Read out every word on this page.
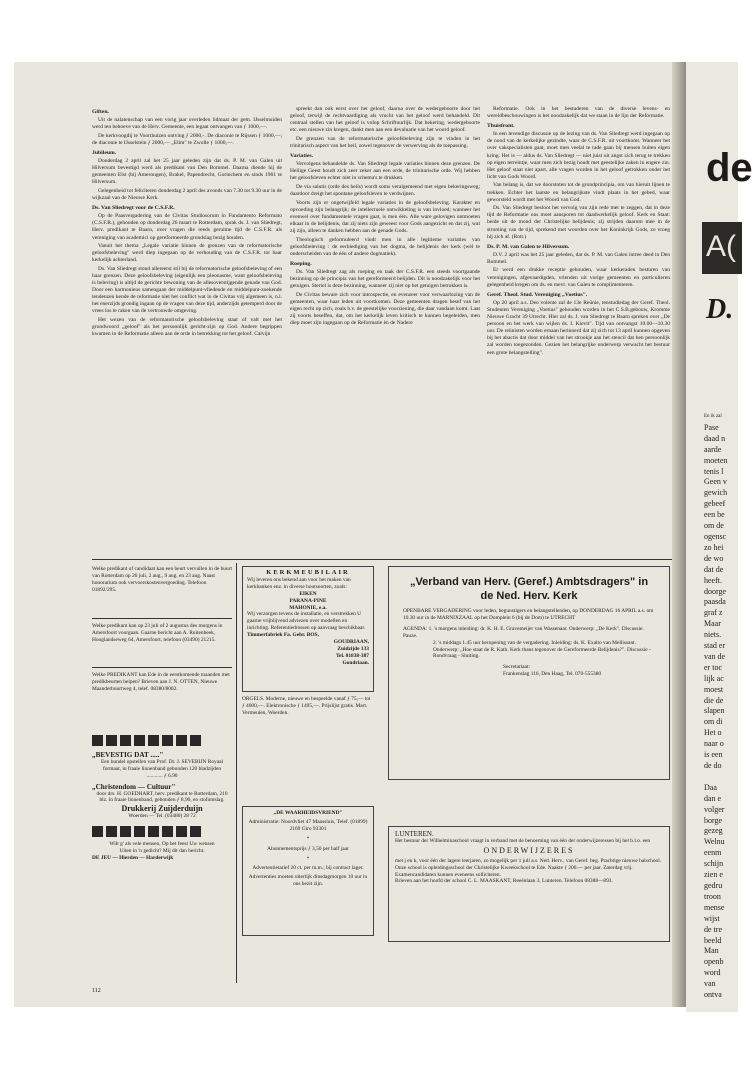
Giften.

Uit de nalatenschap van een vorig jaar overleden lidmaat der gem. IJsselmuiden werd ten behoeve van de Herv. Gemeente, een legaat ontvangen van ƒ 1000,—.

De kerkvoogdij te Voorthuizen ontving ƒ 2000,-. De diaconie te Rijssen ƒ 1000,—; de diaconie te IJsselstein ƒ 2000,— „Elim" te Zwolle ƒ 1000,—.

Jubileum.

Donderdag 2 april zal het 25 jaar geleden zijn dat ds. P. M. van Galen uit Hilversum bevestigd werd als predikant van Den Bommel. Daarna diende hij de gemeenten Elst (bij Amerongen), Brakel, Papendrecht, Gorinchem en sinds 1961 te Hilversum.

Gelegenheid tot feliciteren donderdag 2 april des avonds van 7.30 tot 9.30 uur in de wijkzaal van de Nieuwe Kerk.

Ds. Van Sliedregt voor de C.S.F.R.

Op de Paasvergadering van de Civitas Studiosorum in Fundamento Reformato (C.S.F.R.), gehouden op donderdag 26 maart te Rotterdam, sprak ds. J. van Sliedregt, Herv. predikant te Baarn, over vragen die reeds geruime tijd de C.S.F.R. als vereniging van academici op gereformeerde grondslag bezig houden.

Vanuit het thema „Legale variatie binnen de grenzen van de reformatorische geloofsbeleving" werd diep ingegaan op de verhouding van de C.S.F.R. tot haar kerkelijk achterland.

Ds. Van Sliedregt stond allereerst stil bij de reformatorische geloofsbeleving of een haar grenzen. Deze geloofsbeleving (eigenlijk een pleonasme, want geloofsbeleving is beleving) is altijd de gerichte bewoning van de allesoverstijgende genade van God. Door een harmonieus samengaan der middelpunt-vliedende en middelpunt-zoekende tendenzen kende de reformatie niet het conflict wat in de Civitas vrij algemeen is, n.l. het enerzijds grondig ingaan op de vragen van deze tijd, anderzijds getemperd door de vrees los te raken van de vertrouwde omgeving.

Het wezen van de reformatorische geloofsbeleving staat of valt met het grondwoord „geloof" als het persoonlijk gericht-zijn op God. Andere begrippen kwamen in de Reformatie alleen aan de orde in betrekking tot het geloof. Calvijn

spreekt dan ook eerst over het geloof, daarna over de wedergeboorte door het geloof, terwijl de rechtvaardiging als vrucht van het geloof werd behandeld. Dit centraal stellen van het geloof is volop Schriftuurlijk. Dat bekering, wedergeboorte etc. een nieuwe zin kregen, dankt men aan een devaluatie van het woord geloof.

De grenzen van de reformatorische geloofsbeleving zijn te vinden in het trinitarisch aspect van het heil, zowel tegenover de verwerving als de toepassing.

Variaties.

Vervolgens behandelde ds. Van Sliedregt legale variaties binnen deze grenzen. De Heilige Geest houdt zich zeer zeker aan een orde, de trinitarische orde. Wij hebben het geloofsleven echter niet in schema's te drukken.

De via salutis (orde des heils) wordt soms veralgemeend met eigen bekeringsweg; daardoor dreigt het spontane geloofsleven te verdwijnen.

Voorts zijn er ongetwijfeld legale variaties in de geloofsbeleving. Karakter en opvoeding zijn belangrijk; de intellectuele ontwikkeling is van invloed; wanneer het evenwel over fundamentele vragen gaat, is men één. Alle ware gelovigen ontmoeten elkaar in de belijdenis, dat zij niets zijn geweest voor Gods aangezicht en dat zij, wat zij zijn, alleen te danken hebben aan de genade Gods.

Theologisch geformuleerd vindt men in alle legitieme variaties van geloofsbeleving : de eerbiediging van het dogma, de belijdenis der kerk (wèl te onderscheiden van de één of andere dogmatiek).

Roeping.

Ds. Van Sliedregt zag als roeping en taak der C.S.F.R. een steeds voortgaande bezinning op de principia van het gereformeerd belijden. Dit is noodzakelijk voor het getuigen. Steriel is deze bezinning, wanneer zij niet op het getuigen betrokken is.

De Civitas beware zich voor introspectie, en evenzeer voor verwaarlozing van de gemeenten, waar haar leden uit voortkomen. Deze gemeenten dragen besef van het eigen recht op zich, zoals b.v. de geestelijke voorziening, die daar vandaan komt. Laat zij voorts beseffen, dat, om het kerkelijk leven kritisch te kunnen begeleiden, men diep moet zijn ingegaan op de Reformatie èn de Nadere

Reformatie. Ook in het bestuderen van de diverse levens- en wereldbeschouwingen is het noodzakelijk dat we staan in de lijn der Reformatie.

Thuisfront.

In een levendige discussie op de lezing van ds. Van Sliedregt werd ingegaan op de nood van de kerkelijke gezindte, waar de C.S.F.R. uit voortkomt. Wanneer het over vakspecialisten gaat, moet men veelal te rade gaan bij mensen buiten eigen kring. Het is — aldus ds. Van Sliedregt — niet juist uit angst zich terug te trekken op eigen terreintje, waar men zich bezig houdt met geestelijke zaken in engere zin. Het geloof staat niet apart, alle vragen worden in het geloof getrokken onder het licht van Gods Woord.

Van belang is, dat we doorstoten tot de grondprincipia, om van hieruit lijnen te trekken. Echter het laatste en belangrijkste vindt plaats in het gebed, waar geworsteld wordt met het Woord van God.

Ds. Van Sliedregt besloot het vervolg van zijn rede met te zeggen, dat in deze tijd de Reformatie ons moet aansporen tot daadwerkelijk geloof. Kerk en Staat: beide uit de mond der Christelijke belijdenis; zij strijden daarom mee in de stroming van de tijd, sprekend met woorden over het Koninkrijk Gods, zo vroeg hij zich af. (Rott.)

Ds. P. M. van Galen te Hilversum.

D.V. 2 april was het 25 jaar geleden, dat ds. P. M. van Galen intree deed in Den Bommel.

Er werd een drukke receptie gehouden, waar kerkeraden besturen van verenigingen, afgevaardigden, vrienden uit vorige gemeenten en particulieren gelegenheid kregen om ds. en mevr. van Galen te complimenteren.

Geref. Theol. Stud. Vereniging „Voetius".

Op 20 april a.s. Deo volente zal de 13e Reünie, tenstudiedag der Geref. Theol. Studenten Vereniging „Voetius" gehouden worden in het C.S.B.gebouw, Kromme Nieuwe Gracht 39 Utrecht. Hier zal ds. J. van Sliedregt te Baarn spreken over „De persoon en het werk van wijlen ds. I. Kievit". Tijd van ontvangst 10.00—10.30 uur. De reünisten worden ernaan herinnerd dat zij zich tot 13 april kunnen opgeven bij het abactis dat door middel van het strookje aan het stencil dat hen persoonlijk zal worden toegezonden. Gezien het belangrijke onderwerp verwacht het bestuur een grote belangstelling".

Welke predikant of candidaat kan een beurt vervullen in de buurt van Rotterdam op 26 juli, 2 aug., 9 aug. en 23 aug. Naast honorarium ook vervoerskostenvergoeding. Telefoon 01892/295.
Welke predikant kan op 23 juli of 2 augustus des morgens in Amersfoort voorgaan. Gaarne bericht aan A. Ruitenbeek, Hooglandseweg 64, Amersfoort, telefoon (03490) 21215.
Welke PREDIKANT kan Ede in de eerstkomende maanden met predikbeurten helpen? Brieven aan J. N. OTTEN, Nieuwe Maanderbuurtweg 4, telef. 08380/8002.
„BEVESTIG DAT ....."
Een bundel opstellen van Prof. Dr. J. SEVERIJN Royaal formaat, in fraaie linnenband gebonden 120 bladzijden ............ ƒ 6.90
„Christendom — Cultuur"
door drs. H. GOEDHART, herv. predikant te Rotterdam, 210 blz. in fraaie linnenband, gebonden ƒ 8,90, en stofomslag.
Drukkerij Zuijderduijn
Woerden — Tel. (03480) 28 72
Wilt g' als vele mensen, Op het feest Uw wensen Uiten in 'n gedicht? Mij dit dan bericht.
DE JEU — Hierden — Harderwijk
KERKMEUBILAIR
Wij leveren ons bekend aan voor het maken van kerkbanken enz. in diverse houtsoorten, zoals:
EIKEN
PARANA-PINE
MAHONIE, e.a.
Wij verzorgen tevens de installatie, en verstrekken U gaarne vrijblijvend adviezen over modellen en inrichting. Referentiedrossen op aanvraag beschikbaar.
Timmerfabriek Fa. Gebr. BOS,
GOUDRIAAN,
Zuidzijde 133
Tel. 01838-387
Goudriaan.
ORGELS. Moderne, nieuwe en bespeelde vanaf ƒ 75,— tot ƒ 4000,—. Elektronische ƒ 1495,—. Prijslijst gratis. Mart. Vermeulen, Woerden.
„DE WAARHEIDSVRIEND"
Administratie: Noordvliet 47 Maassluis, Telef. (01899) 2169 Giro 93301
*
Abonnementsprijs ƒ 3,50 per half jaar
*
Advertentietarief 20 ct. per m.m.; bij contract lager.
Advertenties moeten uiterlijk dinsdagmorgen 10 uur in ons bezit zijn.
„Verband van Herv. (Geref.) Ambtsdragers" in de Ned. Herv. Kerk
OPENBARE VERGADERING voor leden, begunstigers en belangstellenden, op DONDERDAG 16 APRIL a.s. om 10.30 uur in de MARNIXZAAL op het Domplein 6 (bij de Dom) te UTRECHT
AGENDA: 1. 's morgens inleiding: dr. K. H. E. Gravemeijer van Wassenaar. Onderwerp: „De Kerk". Discussie. Pauze.
2. 's middags 1.45 uur heropening van de vergadering. Inleiding: ds. K. Exalto van Mellissant. Onderwerp: „Hoe staat de R. Kath. Kerk thans tegenover de Gereformeerde Belijdenis?". Discussie - Rondvraag - Sluiting.
Secretariaat:
Frankenslag 116, Den Haag, Tel. 070-555380
LUNTEREN.
Het bestuur der Wilhelminaschool vraagt in verband met de benoeming van één der onderwijzeressen bij het b.l.o. een
ONDERWIJZERES
met j en k, voor één der lagere leerjaren, zo mogelijk per 1 juli a.s. Ned. Herv., van Geref. beg. Prachtige nieuwe halschool. Onze school is opleidingsschool der Christelijke Kweekschool te Ede. Naakte ƒ 200.— per jaar. Zaterdag vrij. Examencandidaten kunnen eveneens solliciteren.
Brieven aan het hoofd der school C. L. MAASKANT, Reeënlaan 3, Lunteren. Telefoon 08388—893.
112
de
A(
D.
En ik zal
Pase
daad n
aarde
moeten
tenis l
Geen v
gewich
gebeef
een be
om de
ogensc
zo hei
de wo
dat de
heeft.
doorge
paasda
graf z
Maar
niets.
stad er
van de
er toc
lijk ac
moest
die de
slapen
om di
Het o
naar o
is een
de do

Daa
dan e
volger
borge
gezeg
Welnu
eenm
schijn
zien e
gedru
troon
mense
wijst
de tre
beeld
Man
openb
word
van
ontva
